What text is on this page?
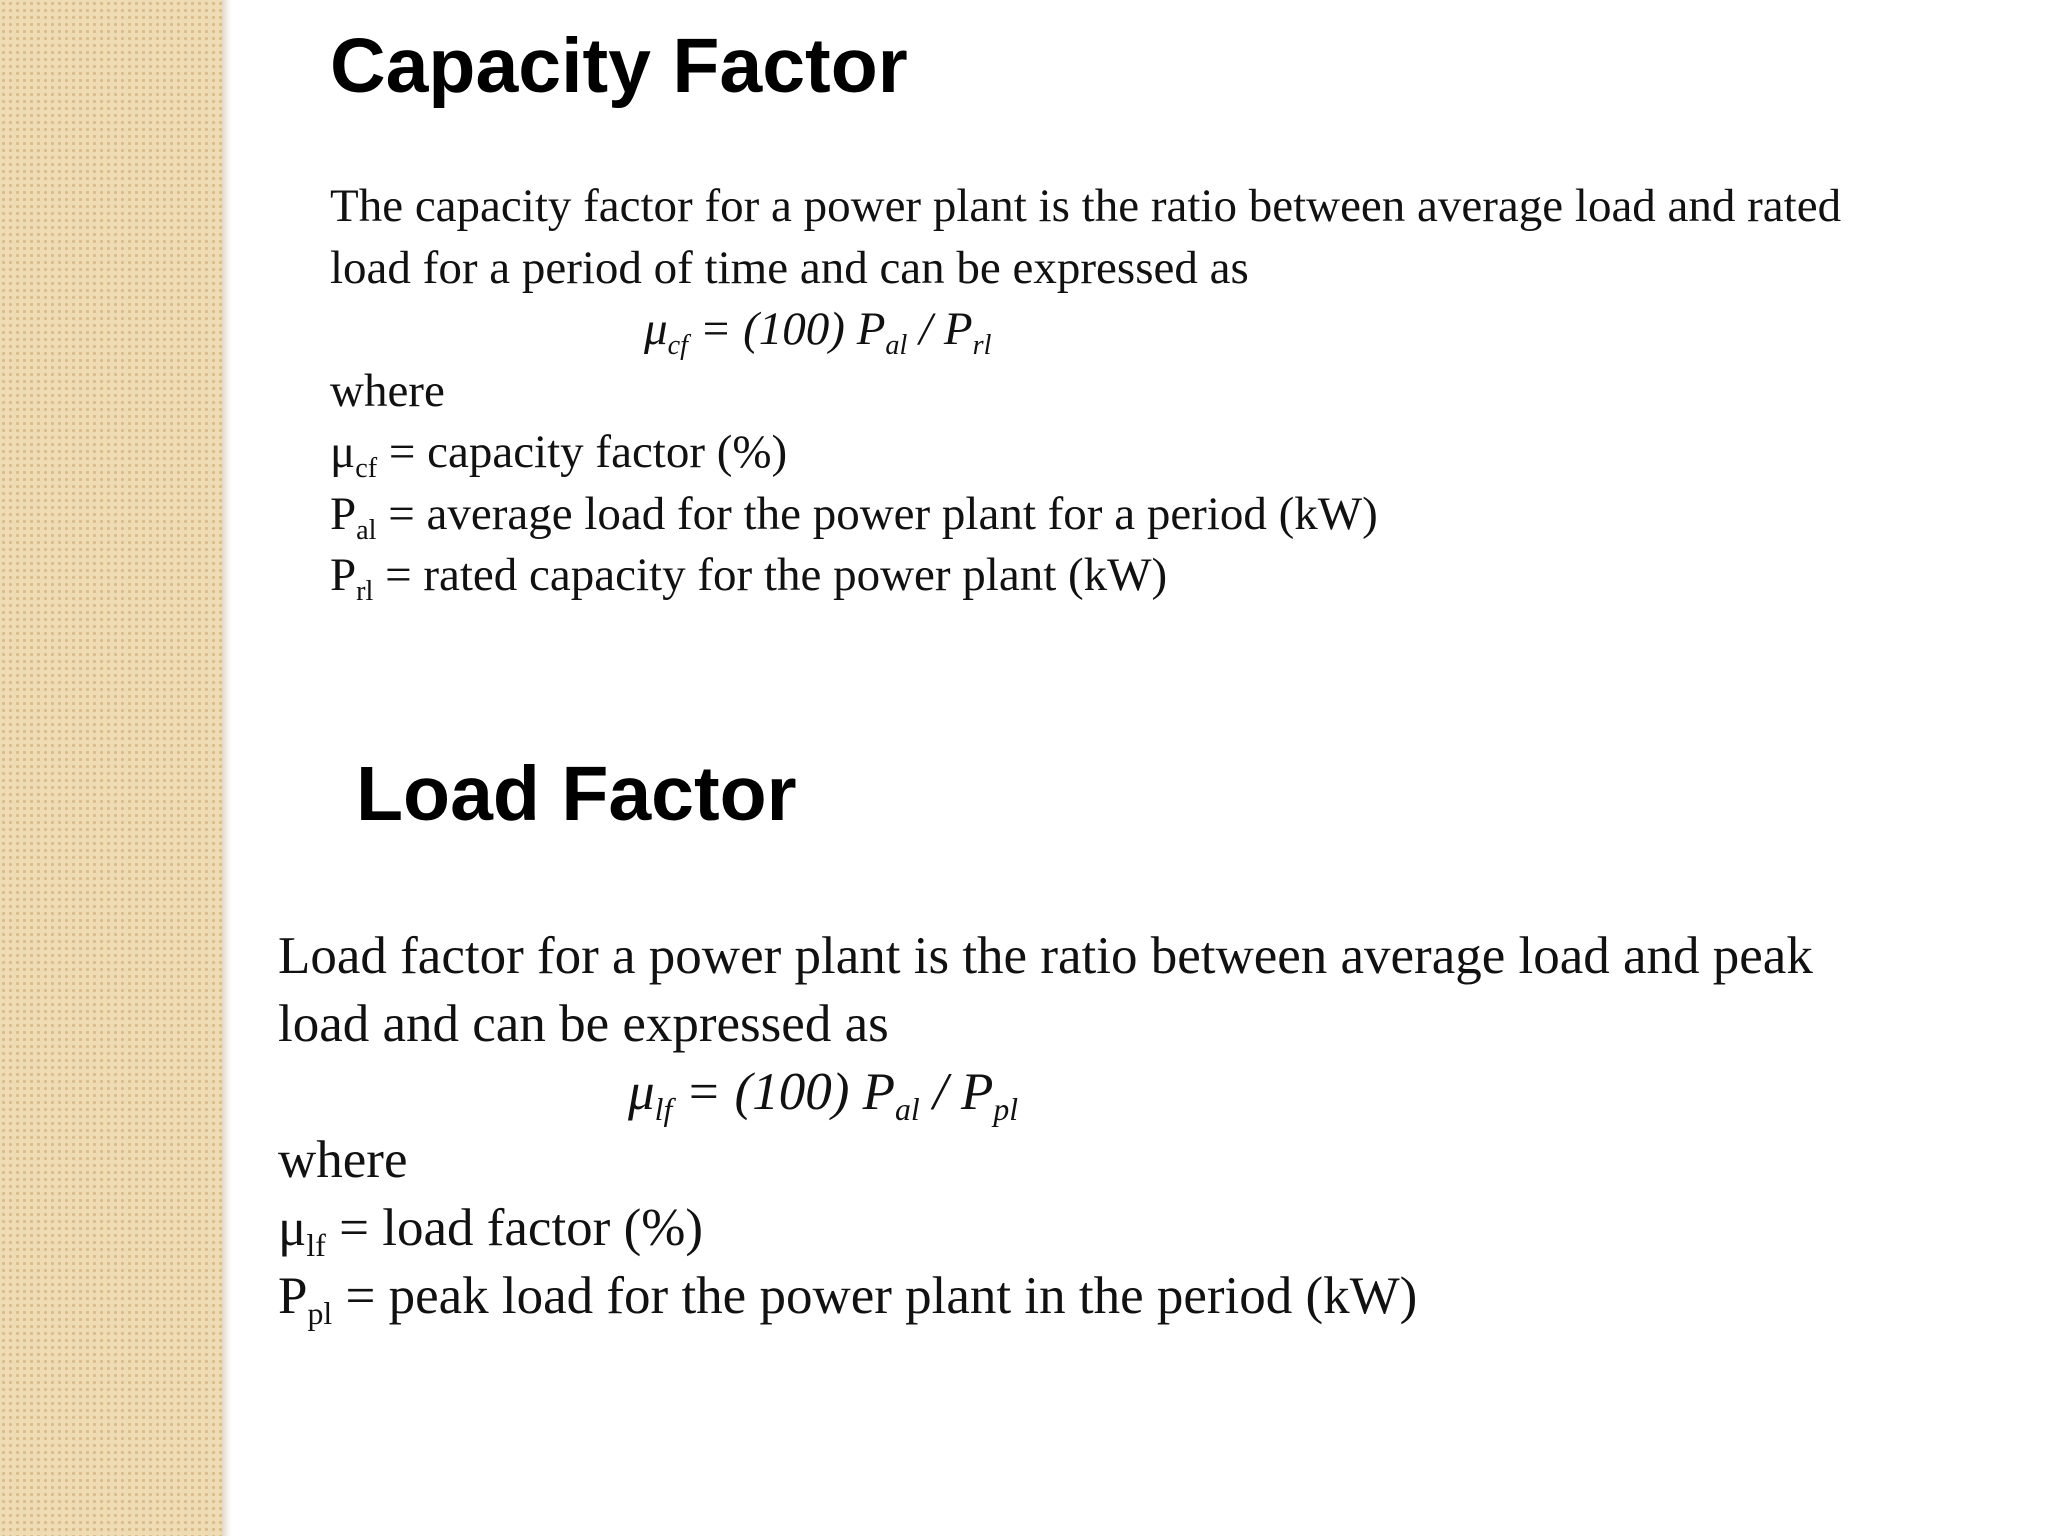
Capacity Factor
The capacity factor for a power plant is the ratio between average load and rated
load for a period of time and can be expressed as
$\mu_{cf} = (100)$ $P_{al} / P_{rl}$
where
$\mu_{cf}$ = capacity factor (%)
$P_{al}$ = average load for the power plant for a period (kW)
$P_{rl}$ = rated capacity for the power plant (kW)
Load Factor
Load factor for a power plant is the ratio between average load and peak
load and can be expressed as
$\mu_{lf} = (100)$ $P_{al} / P_{pl}$
where
$\mu_{lf}$ = load factor (%)
$P_{pl}$ = peak load for the power plant in the period (kW)
